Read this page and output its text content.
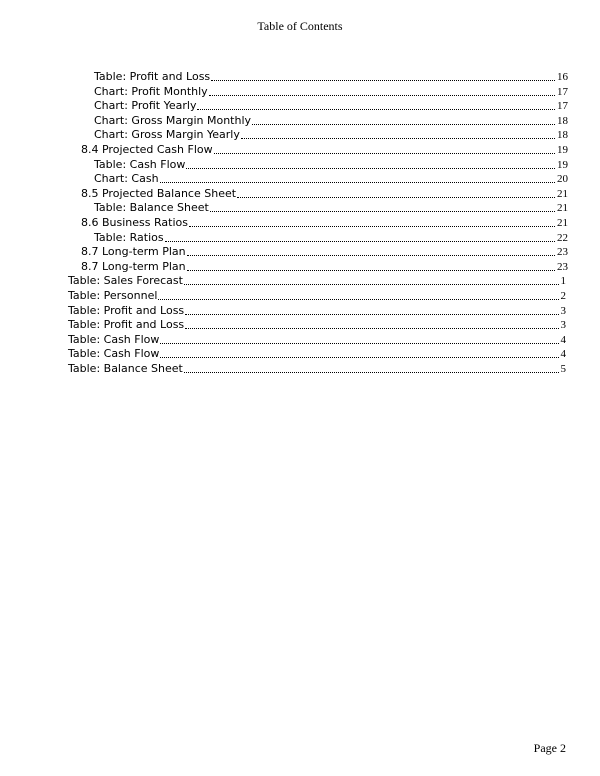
Table of Contents
Table: Profit and Loss	16
Chart: Profit Monthly	17
Chart: Profit Yearly	17
Chart: Gross Margin Monthly	18
Chart: Gross Margin Yearly	18
8.4 Projected Cash Flow	19
Table: Cash Flow	19
Chart: Cash	20
8.5 Projected Balance Sheet	21
Table: Balance Sheet	21
8.6 Business Ratios	21
Table: Ratios	22
8.7 Long-term Plan	23
8.7 Long-term Plan	23
Table: Sales Forecast	1
Table: Personnel	2
Table: Profit and Loss	3
Table: Profit and Loss	3
Table: Cash Flow	4
Table: Cash Flow	4
Table: Balance Sheet	5
Page 2
